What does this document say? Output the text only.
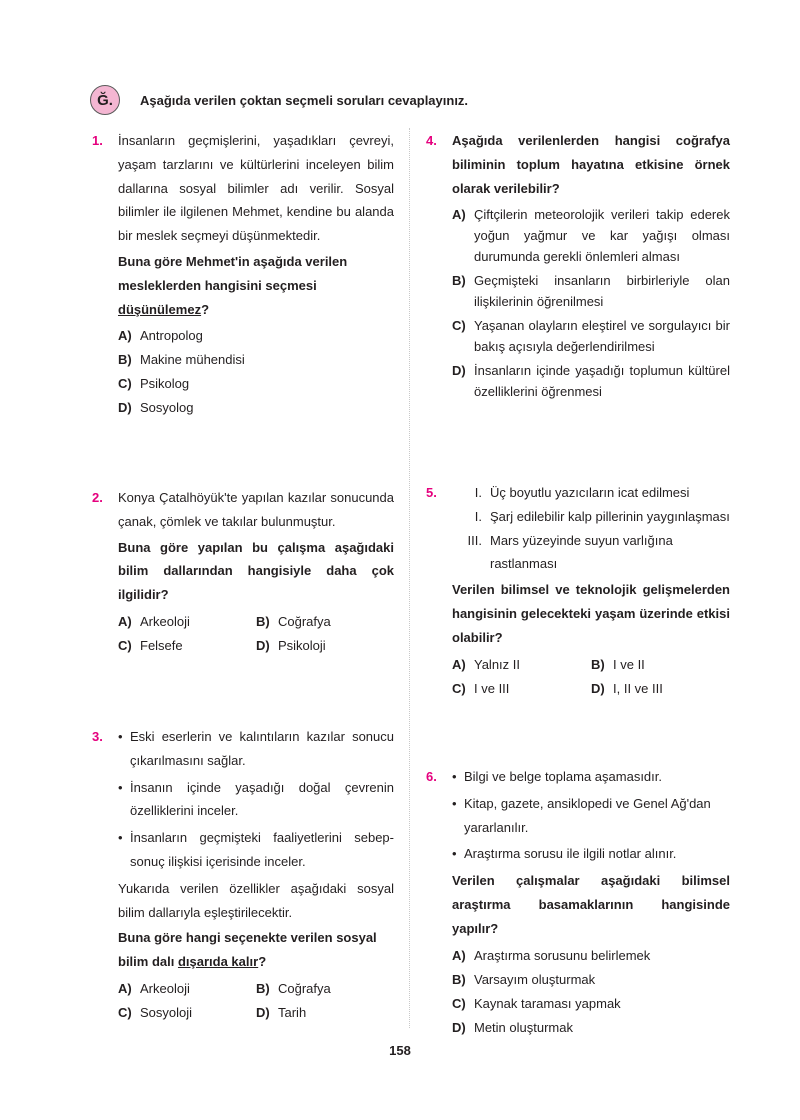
Ğ.	Aşağıda verilen çoktan seçmeli soruları cevaplayınız.
1. İnsanların geçmişlerini, yaşadıkları çevreyi, yaşam tarzlarını ve kültürlerini inceleyen bilim dallarına sosyal bilimler adı verilir. Sosyal bilimler ile ilgilenen Mehmet, kendine bu alanda bir meslek seçmeyi düşünmektedir.
Buna göre Mehmet'in aşağıda verilen mesleklerden hangisini seçmesi düşünülemez?
A) Antropolog
B) Makine mühendisi
C) Psikolog
D) Sosyolog
2. Konya Çatalhöyük'te yapılan kazılar sonucunda çanak, çömlek ve takılar bulunmuştur.
Buna göre yapılan bu çalışma aşağıdaki bilim dallarından hangisiyle daha çok ilgilidir?
A) Arkeoloji	B) Coğrafya
C) Felsefe	D) Psikoloji
3. • Eski eserlerin ve kalıntıların kazılar sonucu çıkarılmasını sağlar.
• İnsanın içinde yaşadığı doğal çevrenin özelliklerini inceler.
• İnsanların geçmişteki faaliyetlerini sebep-sonuç ilişkisi içerisinde inceler.
Yukarıda verilen özellikler aşağıdaki sosyal bilim dallarıyla eşleştirilecektir.
Buna göre hangi seçenekte verilen sosyal bilim dalı dışarıda kalır?
A) Arkeoloji	B) Coğrafya
C) Sosyoloji	D) Tarih
4. Aşağıda verilenlerden hangisi coğrafya biliminin toplum hayatına etkisine örnek olarak verilebilir?
A) Çiftçilerin meteorolojik verileri takip ederek yoğun yağmur ve kar yağışı olması durumunda gerekli önlemleri alması
B) Geçmişteki insanların birbirleriyle olan ilişkilerinin öğrenilmesi
C) Yaşanan olayların eleştirel ve sorgulayıcı bir bakış açısıyla değerlendirilmesi
D) İnsanların içinde yaşadığı toplumun kültürel özelliklerini öğrenmesi
5.	I. Üç boyutlu yazıcıların icat edilmesi
I. Şarj edilebilir kalp pillerinin yaygınlaşması
III. Mars yüzeyinde suyun varlığına rastlanması
Verilen bilimsel ve teknolojik gelişmelerden hangisinin gelecekteki yaşam üzerinde etkisi olabilir?
A) Yalnız II	B) I ve II
C) I ve III	D) I, II ve III
6. • Bilgi ve belge toplama aşamasıdır.
• Kitap, gazete, ansiklopedi ve Genel Ağ'dan yararlanılır.
• Araştırma sorusu ile ilgili notlar alınır.
Verilen çalışmalar aşağıdaki bilimsel araştırma basamaklarının hangisinde yapılır?
A) Araştırma sorusunu belirlemek
B) Varsayım oluşturmak
C) Kaynak taraması yapmak
D) Metin oluşturmak
158
